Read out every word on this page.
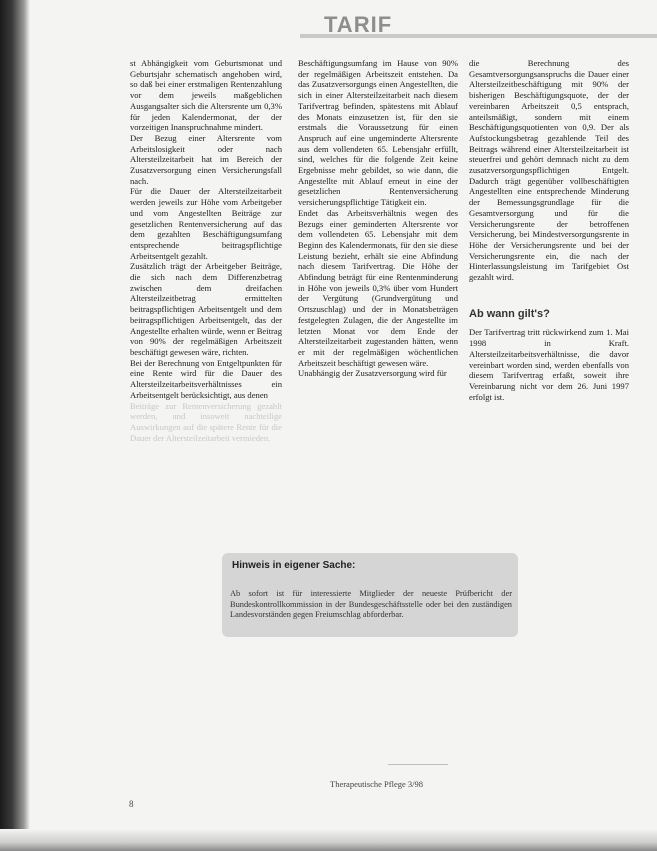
TARIF

st Abhängigkeit vom Geburtsmonat und Geburtsjahr schematisch angehoben wird, so daß bei einer erstmaligen Rentenzahlung vor dem jeweils maßgeblichen Ausgangsalter sich die Altersrente um 0,3% für jeden Kalendermonat, der der vorzeitigen Inanspruchnahme mindert.

Der Bezug einer Altersrente vom Arbeitslosigkeit oder nach Altersteilzeitarbeit hat im Bereich der Zusatzversorgung einen Versicherungsfall nach.

Für die Dauer der Altersteilzeitarbeit werden jeweils zur Höhe vom Arbeitgeber und vom Angestellten Beiträge zur gesetzlichen Rentenversicherung auf das dem gezahlten Beschäftigungsumfang entsprechende beitragspflichtige Arbeitsentgelt gezahlt.

Zusätzlich trägt der Arbeitgeber Beiträge, die sich nach dem Differenzbetrag zwischen dem dreifachen Altersteilzeitbetrag ermittelten beitragspflichtigen Arbeitsentgelt und dem beitragspflichtigen Arbeitsentgelt, das der Angestellte erhalten würde, wenn er Beitrag von 90% der regelmäßigen Arbeitszeit beschäftigt gewesen wäre, richten.

Bei der Berechnung von Entgeltpunkten für eine Rente wird für die Dauer des Altersteilzeitarbeitsverhältnisses ein Arbeitsentgelt berücksichtigt, aus denen

Beiträge zur Rentenversicherung gezahlt werden, und insoweit nachteilige Auswirkungen auf die spätere Rente für die Dauer der Altersteilzeitarbeit vermieden.

Beschäftigungsumfang im Hause von 90% der regelmäßigen Arbeitszeit entstehen. Da das Zusatzversorgungs einen Angestellten, die sich in einer Altersteilzeitarbeit nach diesem Tarifvertrag befinden, spätestens mit Ablauf des Monats einzusetzen ist, für den sie erstmals die Voraussetzung für einen Anspruch auf eine ungeminderte Altersrente aus dem vollendeten 65. Lebensjahr erfüllt, sind, welches für die folgende Zeit keine Ergebnisse mehr gebildet, so wie dann, die Angestellte mit Ablauf erneut in eine der gesetzlichen Rentenversicherung versicherungspflichtige Tätigkeit ein.

Endet das Arbeitsverhältnis wegen des Bezugs einer geminderten Altersrente vor dem vollendeten 65. Lebensjahr mit dem Beginn des Kalendermonats, für den sie diese Leistung bezieht, erhält sie eine Abfindung nach diesem Tarifvertrag. Die Höhe der Abfindung beträgt für eine Rentenminderung in Höhe von jeweils 0,3% über vom Hundert der Vergütung (Grundvergütung und Ortszuschlag) und der in Monatsbeträgen festgelegten Zulagen, die der Angestellte im letzten Monat vor dem Ende der Altersteilzeitarbeit zugestanden hätten, wenn er mit der regelmäßigen wöchentlichen Arbeitszeit beschäftigt gewesen wäre.

Unabhängig der Zusatzversorgung wird für

die Berechnung des Gesamtversorgungsanspruchs die Dauer einer Altersteilzeitbeschäftigung mit 90% der bisherigen Beschäftigungsquote, der der vereinbaren Arbeitszeit 0,5 entsprach, anteilsmäßigt, sondern mit einem Beschäftigungsquotienten von 0,9. Der als Aufstockungsbetrag gezahlende Teil des Beitrags während einer Altersteilzeitarbeit ist steuerfrei und gehört demnach nicht zu dem zusatzversorgungspflichtigen Entgelt. Dadurch trägt gegenüber vollbeschäftigten Angestellten eine entsprechende Minderung der Bemessungsgrundlage für die Gesamtversorgung und für die Versicherungsrente der betroffenen Versicherung, bei Mindestversorgungsrente in Höhe der Versicherungsrente und bei der Versicherungsrente ein, die nach der Hinterlassungsleistung im Tarifgebiet Ost gezahlt wird.

Ab wann gilt's?

Der Tarifvertrag tritt rückwirkend zum 1. Mai 1998 in Kraft. Altersteilzeitarbeitsverhältnisse, die davor vereinbart worden sind, werden ebenfalls von diesem Tarifvertrag erfaßt, soweit ihre Vereinbarung nicht vor dem 26. Juni 1997 erfolgt ist.

Hinweis in eigener Sache:
Ab sofort ist für interessierte Mitglieder der neueste Prüfbericht der Bundeskontrollkommission in der Bundesgeschäftsstelle oder bei den zuständigen Landesvorständen gegen Freiumschlag abforderbar.
Therapeutische Pflege 3/98
8
